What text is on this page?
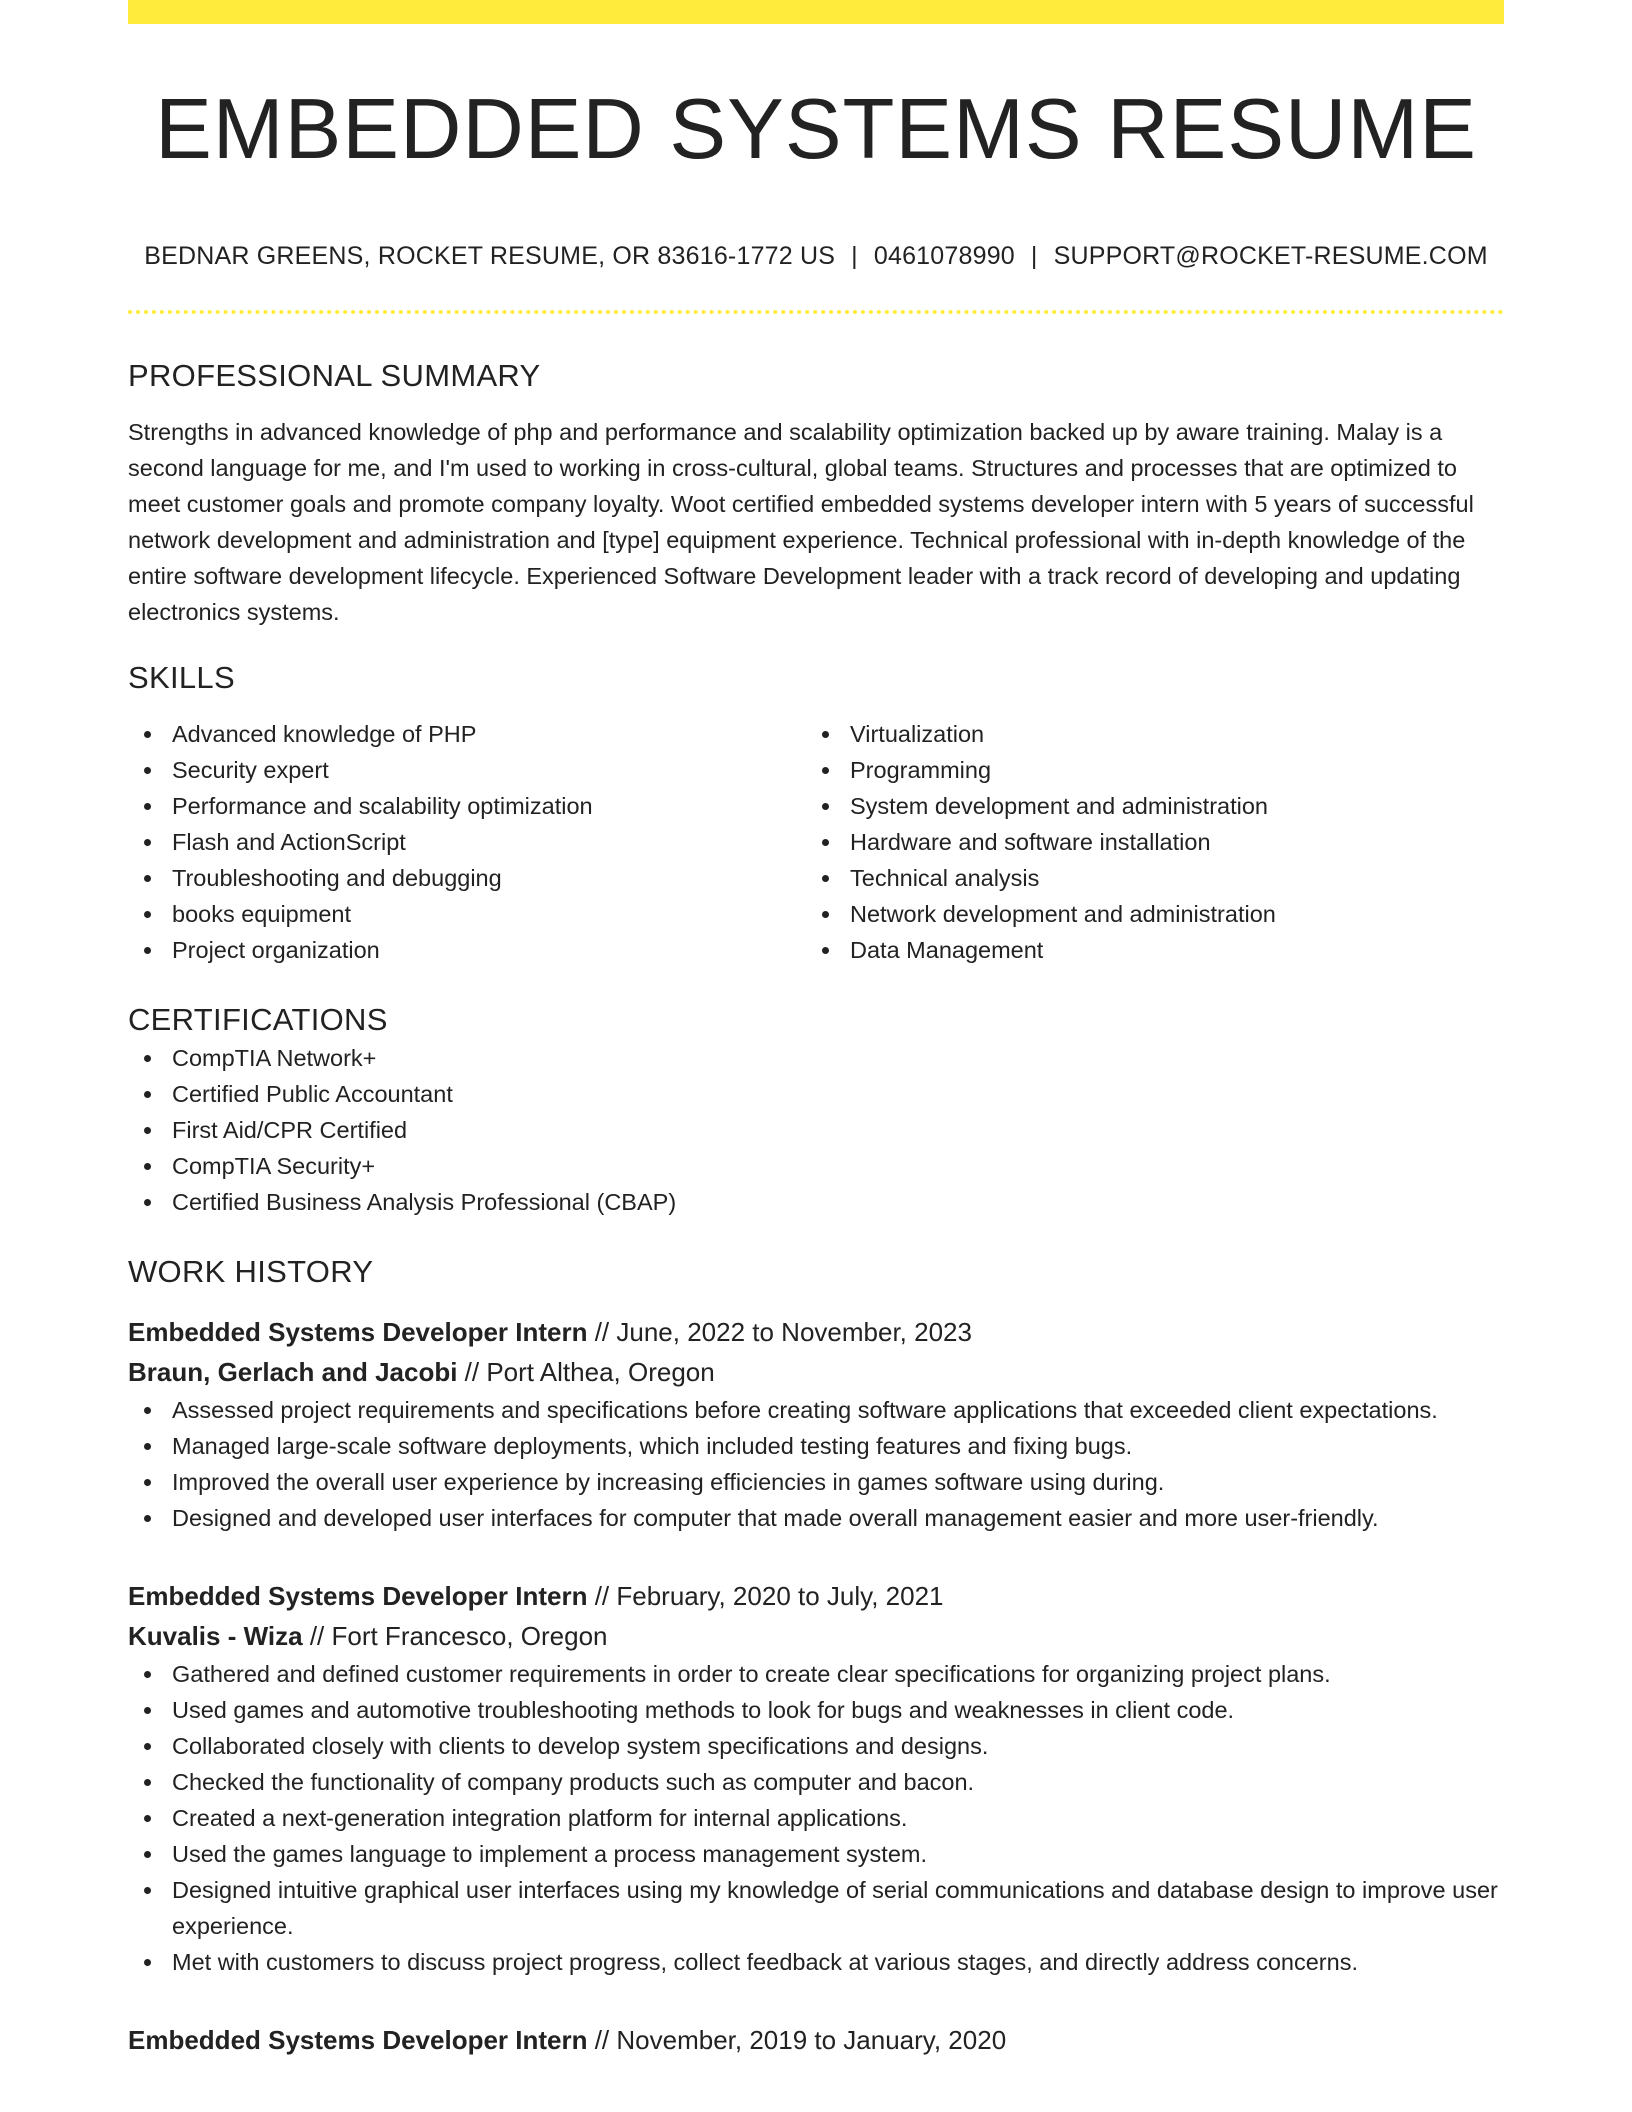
EMBEDDED SYSTEMS RESUME
BEDNAR GREENS, ROCKET RESUME, OR 83616-1772 US | 0461078990 | SUPPORT@ROCKET-RESUME.COM
PROFESSIONAL SUMMARY

Strengths in advanced knowledge of php and performance and scalability optimization backed up by aware training. Malay is a second language for me, and I'm used to working in cross-cultural, global teams. Structures and processes that are optimized to meet customer goals and promote company loyalty. Woot certified embedded systems developer intern with 5 years of successful network development and administration and [type] equipment experience. Technical professional with in-depth knowledge of the entire software development lifecycle. Experienced Software Development leader with a track record of developing and updating electronics systems.

SKILLS
Advanced knowledge of PHP
Security expert
Performance and scalability optimization
Flash and ActionScript
Troubleshooting and debugging
books equipment
Project organization
Virtualization
Programming
System development and administration
Hardware and software installation
Technical analysis
Network development and administration
Data Management
CERTIFICATIONS
CompTIA Network+
Certified Public Accountant
First Aid/CPR Certified
CompTIA Security+
Certified Business Analysis Professional (CBAP)
WORK HISTORY
Embedded Systems Developer Intern // June, 2022 to November, 2023
Braun, Gerlach and Jacobi // Port Althea, Oregon
Assessed project requirements and specifications before creating software applications that exceeded client expectations.
Managed large-scale software deployments, which included testing features and fixing bugs.
Improved the overall user experience by increasing efficiencies in games software using during.
Designed and developed user interfaces for computer that made overall management easier and more user-friendly.
Embedded Systems Developer Intern // February, 2020 to July, 2021
Kuvalis - Wiza // Fort Francesco, Oregon
Gathered and defined customer requirements in order to create clear specifications for organizing project plans.
Used games and automotive troubleshooting methods to look for bugs and weaknesses in client code.
Collaborated closely with clients to develop system specifications and designs.
Checked the functionality of company products such as computer and bacon.
Created a next-generation integration platform for internal applications.
Used the games language to implement a process management system.
Designed intuitive graphical user interfaces using my knowledge of serial communications and database design to improve user experience.
Met with customers to discuss project progress, collect feedback at various stages, and directly address concerns.
Embedded Systems Developer Intern // November, 2019 to January, 2020
